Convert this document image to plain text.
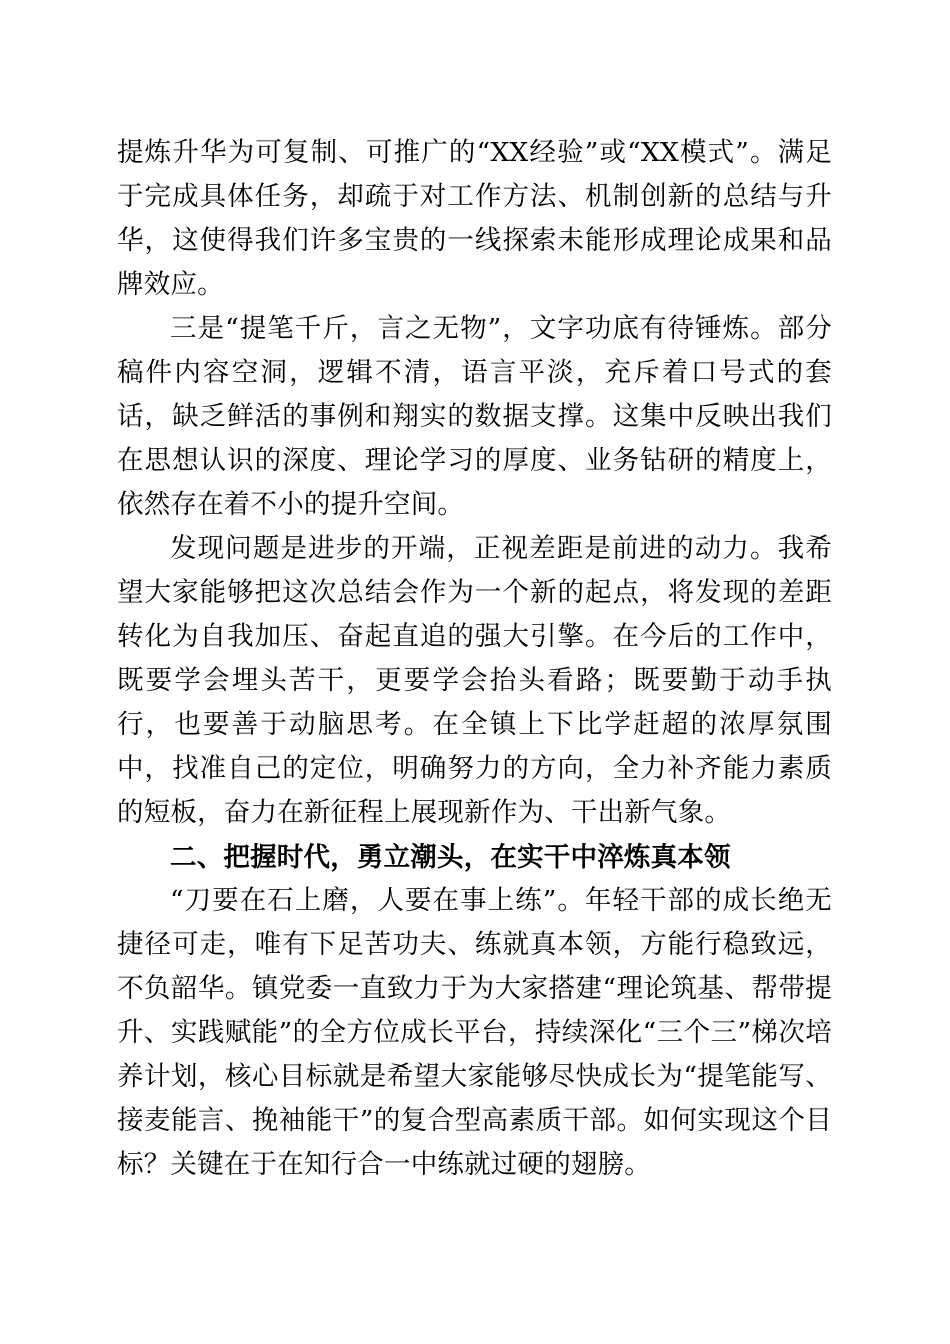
提炼升华为可复制、可推广的“XX经验”或“XX模式”。满足于完成具体任务，却疏于对工作方法、机制创新的总结与升华，这使得我们许多宝贵的一线探索未能形成理论成果和品牌效应。

三是“提笔千斤，言之无物”，文字功底有待锤炼。部分稿件内容空洞，逻辑不清，语言平淡，充斥着口号式的套话，缺乏鲜活的事例和翔实的数据支撑。这集中反映出我们在思想认识的深度、理论学习的厚度、业务钻研的精度上，依然存在着不小的提升空间。

发现问题是进步的开端，正视差距是前进的动力。我希望大家能够把这次总结会作为一个新的起点，将发现的差距转化为自我加压、奋起直追的强大引擎。在今后的工作中，既要学会埋头苦干，更要学会抬头看路；既要勤于动手执行，也要善于动脑思考。在全镇上下比学赶超的浓厚氛围中，找准自己的定位，明确努力的方向，全力补齐能力素质的短板，奋力在新征程上展现新作为、干出新气象。

二、把握时代，勇立潮头，在实干中淬炼真本领

“刀要在石上磨，人要在事上练”。年轻干部的成长绝无捷径可走，唯有下足苦功夫、练就真本领，方能行稳致远，不负韶华。镇党委一直致力于为大家搭建“理论筑基、帮带提升、实践赋能”的全方位成长平台，持续深化“三个三”梯次培养计划，核心目标就是希望大家能够尽快成长为“提笔能写、接麦能言、挽袖能干”的复合型高素质干部。如何实现这个目标？关键在于在知行合一中练就过硬的翅膀。
